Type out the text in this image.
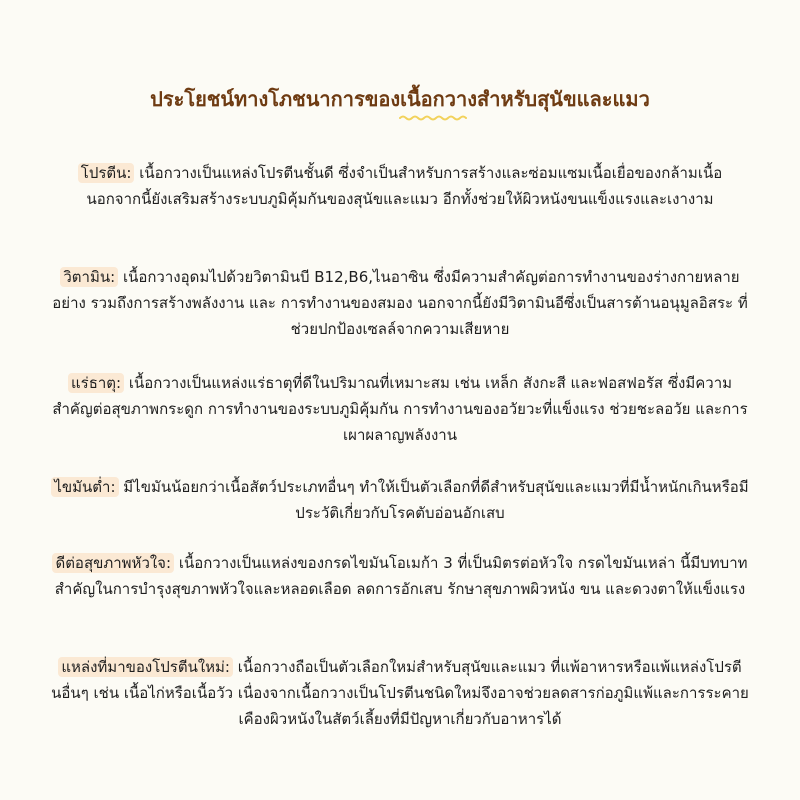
ประโยชน์ทางโภชนาการของเนื้อกวางสำหรับสุนัขและแมว

โปรตีน: เนื้อกวางเป็นแหล่งโปรตีนชั้นดี ซึ่งจำเป็นสำหรับการสร้างและซ่อมแซมเนื้อเยื่อของกล้ามเนื้อ นอกจากนี้ยังเสริมสร้างระบบภูมิคุ้มกันของสุนัขและแมว อีกทั้งช่วยให้ผิวหนังขนแข็งแรงและเงางาม

วิตามิน: เนื้อกวางอุดมไปด้วยวิตามินบี B12,B6,ไนอาซิน ซึ่งมีความสำคัญต่อการทำงานของร่างกายหลายอย่าง รวมถึงการสร้างพลังงาน และ การทำงานของสมอง นอกจากนี้ยังมีวิตามินอีซึ่งเป็นสารต้านอนุมูลอิสระ ที่ช่วยปกป้องเซลล์จากความเสียหาย

แร่ธาตุ: เนื้อกวางเป็นแหล่งแร่ธาตุที่ดีในปริมาณที่เหมาะสม เช่น เหล็ก สังกะสี และฟอสฟอรัส ซึ่งมีความสำคัญต่อสุขภาพกระดูก การทำงานของระบบภูมิคุ้มกัน การทำงานของอวัยวะที่แข็งแรง ช่วยชะลอวัย และการเผาผลาญพลังงาน

ไขมันต่ำ: มีไขมันน้อยกว่าเนื้อสัตว์ประเภทอื่นๆ ทำให้เป็นตัวเลือกที่ดีสำหรับสุนัขและแมวที่มีน้ำหนักเกินหรือมีประวัติเกี่ยวกับโรคตับอ่อนอักเสบ

ดีต่อสุขภาพหัวใจ: เนื้อกวางเป็นแหล่งของกรดไขมันโอเมก้า 3 ที่เป็นมิตรต่อหัวใจ กรดไขมันเหล่า นี้มีบทบาทสำคัญในการบำรุงสุขภาพหัวใจและหลอดเลือด ลดการอักเสบ รักษาสุขภาพผิวหนัง ขน และดวงตาให้แข็งแรง

แหล่งที่มาของโปรตีนใหม่: เนื้อกวางถือเป็นตัวเลือกใหม่สำหรับสุนัขและแมว ที่แพ้อาหารหรือแพ้แหล่งโปรตีนอื่นๆ เช่น เนื้อไก่หรือเนื้อวัว เนื่องจากเนื้อกวางเป็นโปรตีนชนิดใหม่จึงอาจช่วยลดสารก่อภูมิแพ้และการระคายเคืองผิวหนังในสัตว์เลี้ยงที่มีปัญหาเกี่ยวกับอาหารได้
